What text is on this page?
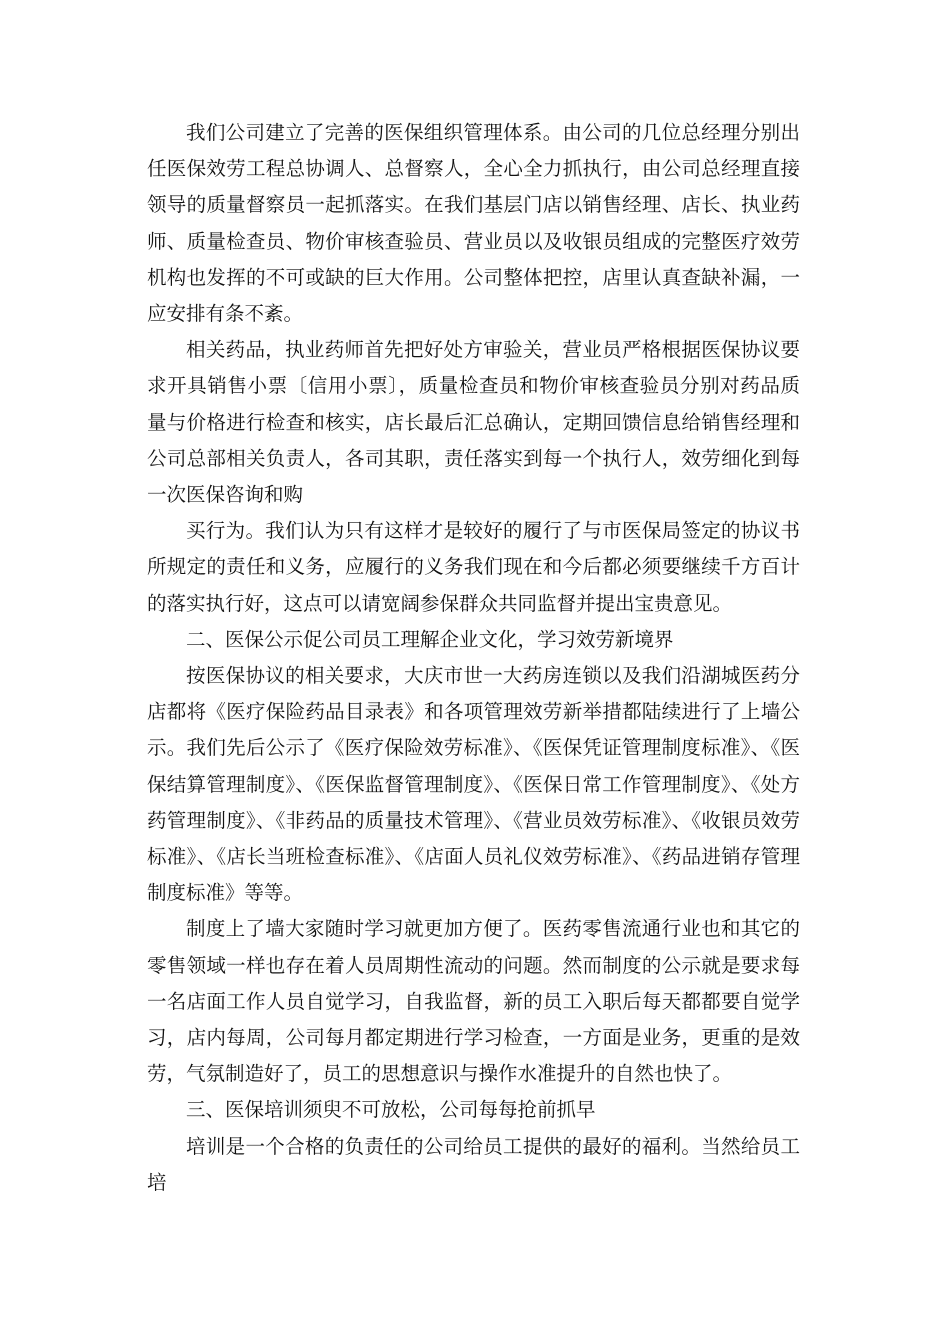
我们公司建立了完善的医保组织管理体系。由公司的几位总经理分别出任医保效劳工程总协调人、总督察人，全心全力抓执行，由公司总经理直接领导的质量督察员一起抓落实。在我们基层门店以销售经理、店长、执业药师、质量检查员、物价审核查验员、营业员以及收银员组成的完整医疗效劳机构也发挥的不可或缺的巨大作用。公司整体把控，店里认真查缺补漏，一应安排有条不紊。

相关药品，执业药师首先把好处方审验关，营业员严格根据医保协议要求开具销售小票〔信用小票〕，质量检查员和物价审核查验员分别对药品质量与价格进行检查和核实，店长最后汇总确认，定期回馈信息给销售经理和公司总部相关负责人，各司其职，责任落实到每一个执行人，效劳细化到每一次医保咨询和购

买行为。我们认为只有这样才是较好的履行了与市医保局签定的协议书所规定的责任和义务，应履行的义务我们现在和今后都必须要继续千方百计的落实执行好，这点可以请宽阔参保群众共同监督并提出宝贵意见。

二、医保公示促公司员工理解企业文化，学习效劳新境界

按医保协议的相关要求，大庆市世一大药房连锁以及我们沿湖城医药分店都将《医疗保险药品目录表》和各项管理效劳新举措都陆续进行了上墙公示。我们先后公示了《医疗保险效劳标准》、《医保凭证管理制度标准》、《医保结算管理制度》、《医保监督管理制度》、《医保日常工作管理制度》、《处方药管理制度》、《非药品的质量技术管理》、《营业员效劳标准》、《收银员效劳标准》、《店长当班检查标准》、《店面人员礼仪效劳标准》、《药品进销存管理制度标准》等等。

制度上了墙大家随时学习就更加方便了。医药零售流通行业也和其它的零售领域一样也存在着人员周期性流动的问题。然而制度的公示就是要求每一名店面工作人员自觉学习，自我监督，新的员工入职后每天都都要自觉学习，店内每周，公司每月都定期进行学习检查，一方面是业务，更重的是效劳，气氛制造好了，员工的思想意识与操作水准提升的自然也快了。

三、医保培训须臾不可放松，公司每每抢前抓早

培训是一个合格的负责任的公司给员工提供的最好的福利。当然给员工培
